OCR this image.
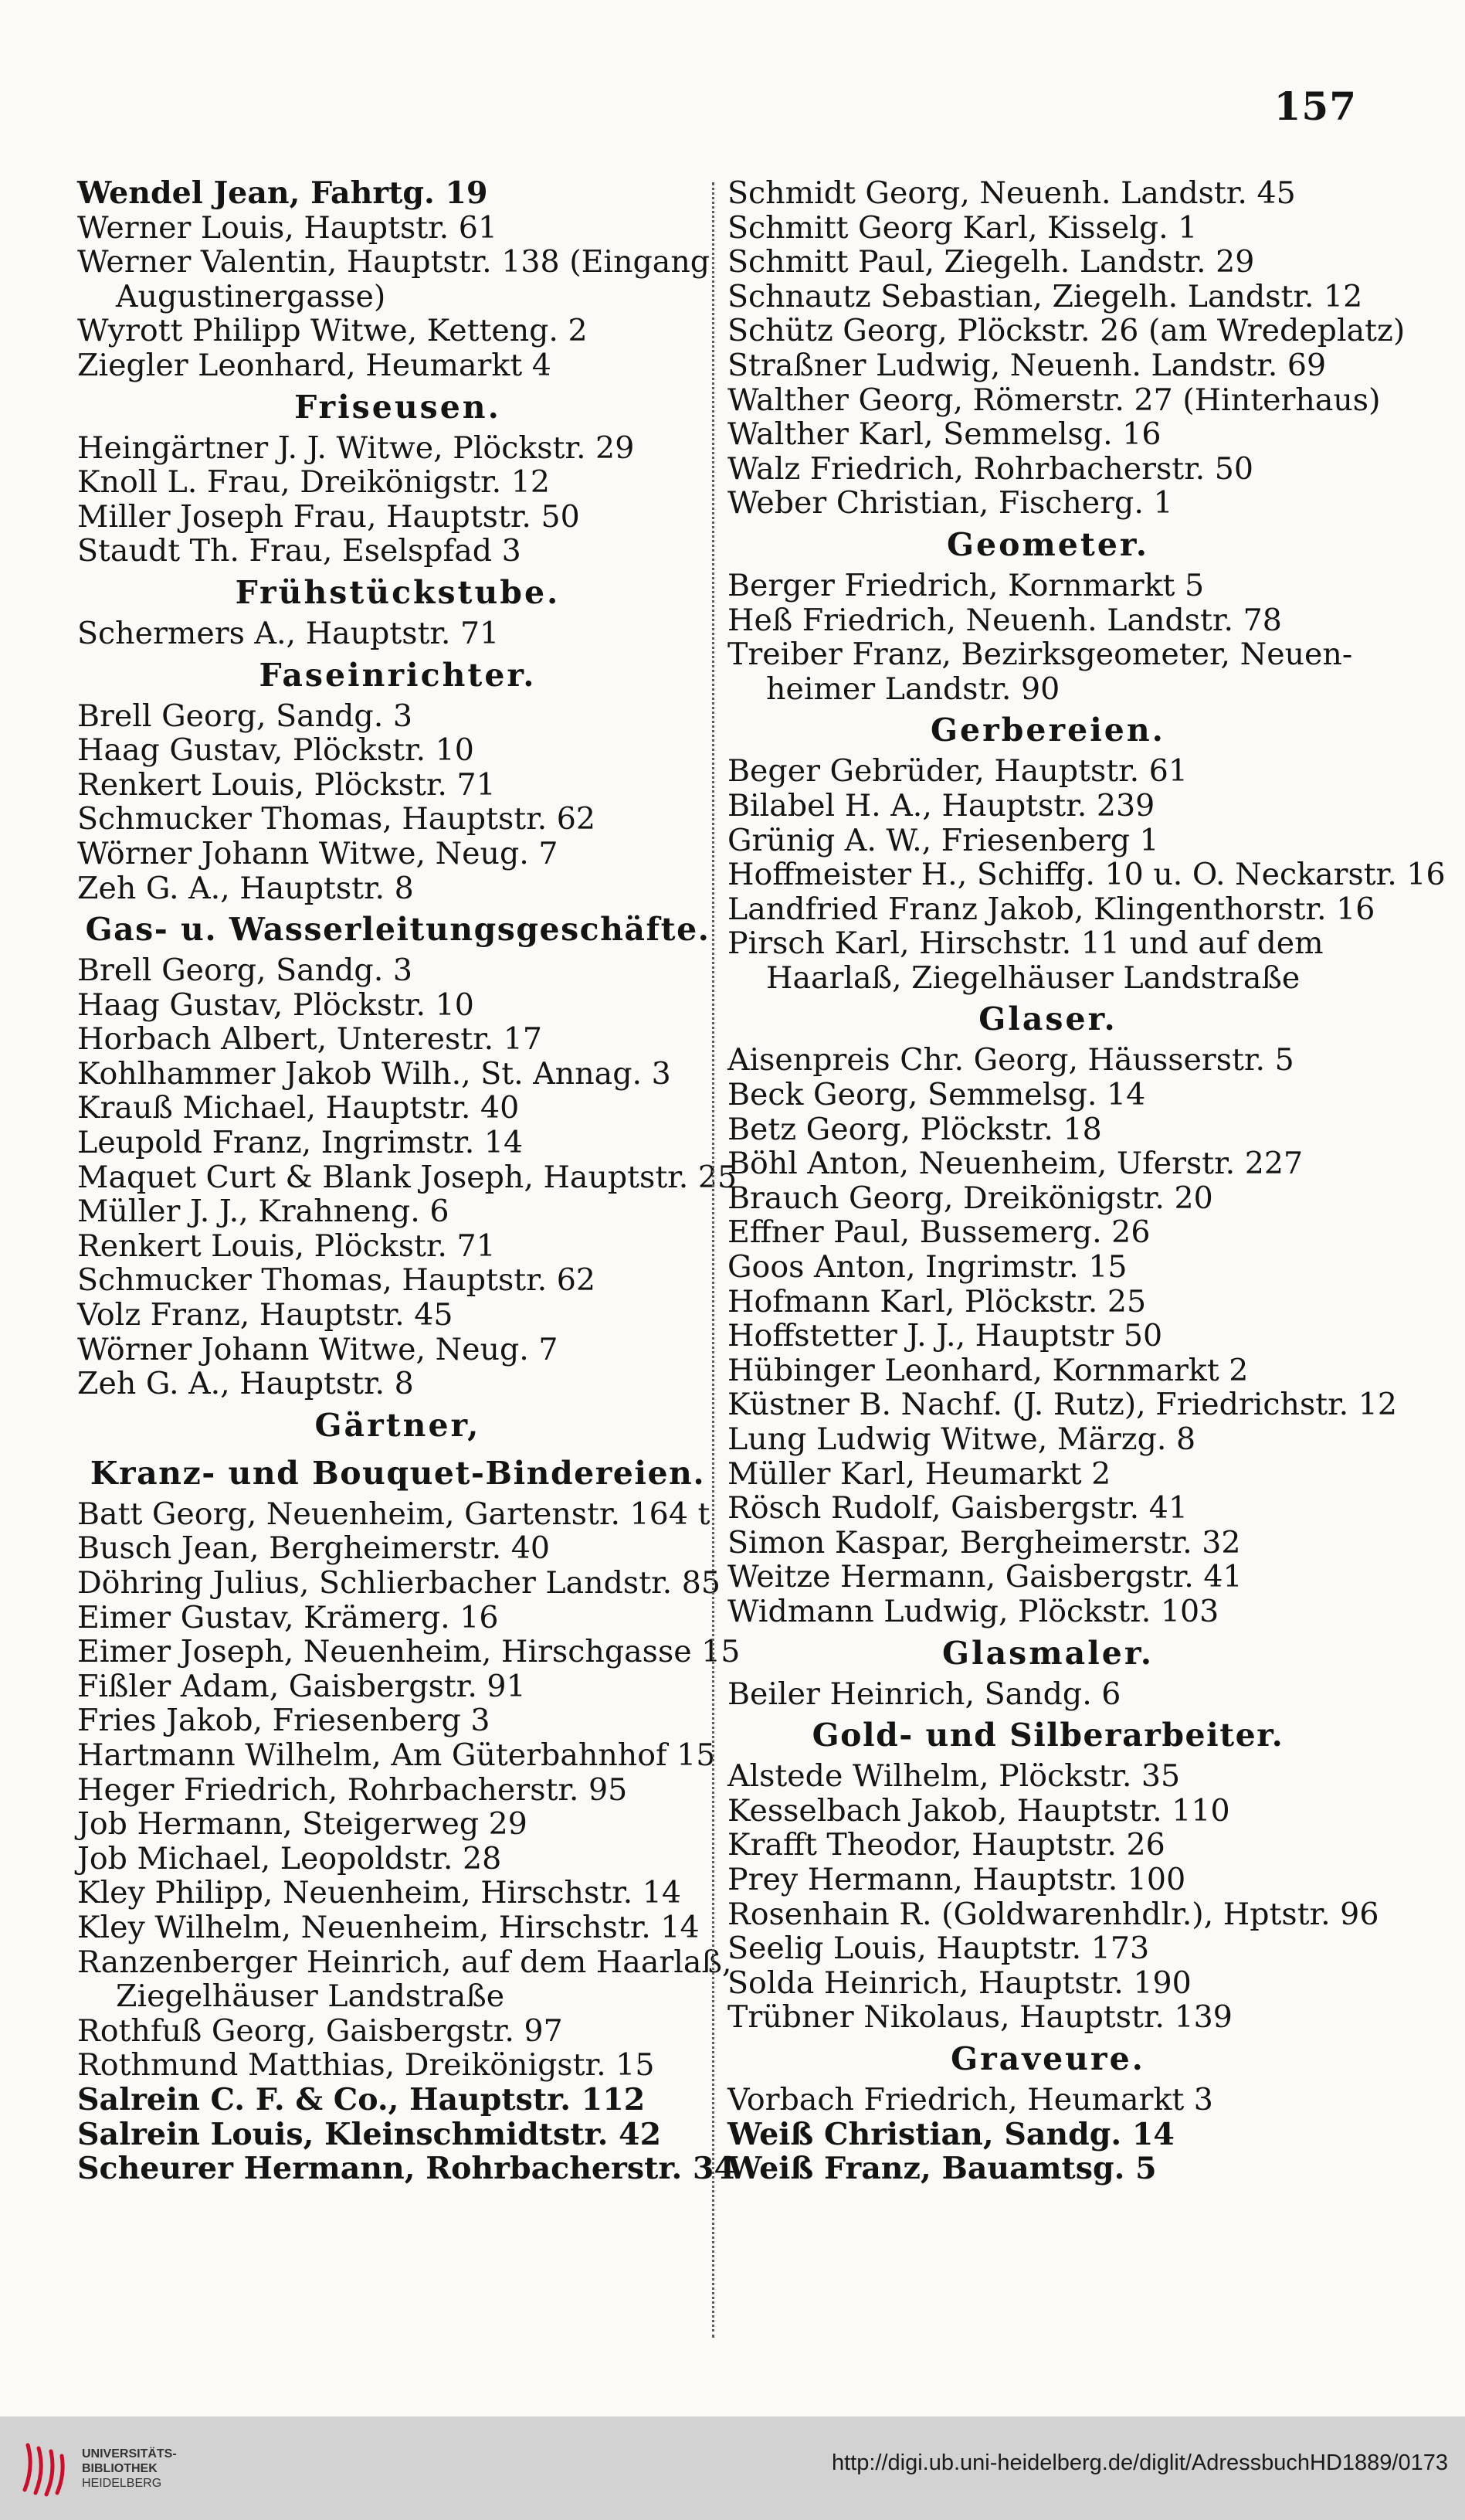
157
Wendel Jean, Fahrtg. 19
Werner Louis, Hauptstr. 61
Werner Valentin, Hauptstr. 138 (Eingang
Augustinergasse)
Wyrott Philipp Witwe, Ketteng. 2
Ziegler Leonhard, Heumarkt 4
Friseusen.
Heingärtner J. J. Witwe, Plöckstr. 29
Knoll L. Frau, Dreikönigstr. 12
Miller Joseph Frau, Hauptstr. 50
Staudt Th. Frau, Eselspfad 3
Frühstückstube.
Schermers A., Hauptstr. 71
Faseinrichter.
Brell Georg, Sandg. 3
Haag Gustav, Plöckstr. 10
Renkert Louis, Plöckstr. 71
Schmucker Thomas, Hauptstr. 62
Wörner Johann Witwe, Neug. 7
Zeh G. A., Hauptstr. 8
Gas- u. Wasserleitungsgeschäfte.
Brell Georg, Sandg. 3
Haag Gustav, Plöckstr. 10
Horbach Albert, Unterestr. 17
Kohlhammer Jakob Wilh., St. Annag. 3
Krauß Michael, Hauptstr. 40
Leupold Franz, Ingrimstr. 14
Maquet Curt & Blank Joseph, Hauptstr. 25
Müller J. J., Krahneng. 6
Renkert Louis, Plöckstr. 71
Schmucker Thomas, Hauptstr. 62
Volz Franz, Hauptstr. 45
Wörner Johann Witwe, Neug. 7
Zeh G. A., Hauptstr. 8
Gärtner,
Kranz- und Bouquet-Bindereien.
Batt Georg, Neuenheim, Gartenstr. 164 t
Busch Jean, Bergheimerstr. 40
Döhring Julius, Schlierbacher Landstr. 85
Eimer Gustav, Krämerg. 16
Eimer Joseph, Neuenheim, Hirschgasse 15
Fißler Adam, Gaisbergstr. 91
Fries Jakob, Friesenberg 3
Hartmann Wilhelm, Am Güterbahnhof 15
Heger Friedrich, Rohrbacherstr. 95
Job Hermann, Steigerweg 29
Job Michael, Leopoldstr. 28
Kley Philipp, Neuenheim, Hirschstr. 14
Kley Wilhelm, Neuenheim, Hirschstr. 14
Ranzenberger Heinrich, auf dem Haarlaß,
Ziegelhäuser Landstraße
Rothfuß Georg, Gaisbergstr. 97
Rothmund Matthias, Dreikönigstr. 15
Salrein C. F. & Co., Hauptstr. 112
Salrein Louis, Kleinschmidtstr. 42
Scheurer Hermann, Rohrbacherstr. 34
Schmidt Georg, Neuenh. Landstr. 45
Schmitt Georg Karl, Kisselg. 1
Schmitt Paul, Ziegelh. Landstr. 29
Schnautz Sebastian, Ziegelh. Landstr. 12
Schütz Georg, Plöckstr. 26 (am Wredeplatz)
Straßner Ludwig, Neuenh. Landstr. 69
Walther Georg, Römerstr. 27 (Hinterhaus)
Walther Karl, Semmelsg. 16
Walz Friedrich, Rohrbacherstr. 50
Weber Christian, Fischerg. 1
Geometer.
Berger Friedrich, Kornmarkt 5
Heß Friedrich, Neuenh. Landstr. 78
Treiber Franz, Bezirksgeometer, Neuen-
heimer Landstr. 90
Gerbereien.
Beger Gebrüder, Hauptstr. 61
Bilabel H. A., Hauptstr. 239
Grünig A. W., Friesenberg 1
Hoffmeister H., Schiffg. 10 u. O. Neckarstr. 16
Landfried Franz Jakob, Klingenthorstr. 16
Pirsch Karl, Hirschstr. 11 und auf dem
Haarlaß, Ziegelhäuser Landstraße
Glaser.
Aisenpreis Chr. Georg, Häusserstr. 5
Beck Georg, Semmelsg. 14
Betz Georg, Plöckstr. 18
Böhl Anton, Neuenheim, Uferstr. 227
Brauch Georg, Dreikönigstr. 20
Effner Paul, Bussemerg. 26
Goos Anton, Ingrimstr. 15
Hofmann Karl, Plöckstr. 25
Hoffstetter J. J., Hauptstr 50
Hübinger Leonhard, Kornmarkt 2
Küstner B. Nachf. (J. Rutz), Friedrichstr. 12
Lung Ludwig Witwe, Märzg. 8
Müller Karl, Heumarkt 2
Rösch Rudolf, Gaisbergstr. 41
Simon Kaspar, Bergheimerstr. 32
Weitze Hermann, Gaisbergstr. 41
Widmann Ludwig, Plöckstr. 103
Glasmaler.
Beiler Heinrich, Sandg. 6
Gold- und Silberarbeiter.
Alstede Wilhelm, Plöckstr. 35
Kesselbach Jakob, Hauptstr. 110
Krafft Theodor, Hauptstr. 26
Prey Hermann, Hauptstr. 100
Rosenhain R. (Goldwarenhdlr.), Hptstr. 96
Seelig Louis, Hauptstr. 173
Solda Heinrich, Hauptstr. 190
Trübner Nikolaus, Hauptstr. 139
Graveure.
Vorbach Friedrich, Heumarkt 3
Weiß Christian, Sandg. 14
Weiß Franz, Bauamtsg. 5
UNIVERSITÄTS-
BIBLIOTHEK
HEIDELBERG
http://digi.ub.uni-heidelberg.de/diglit/AdressbuchHD1889/0173
